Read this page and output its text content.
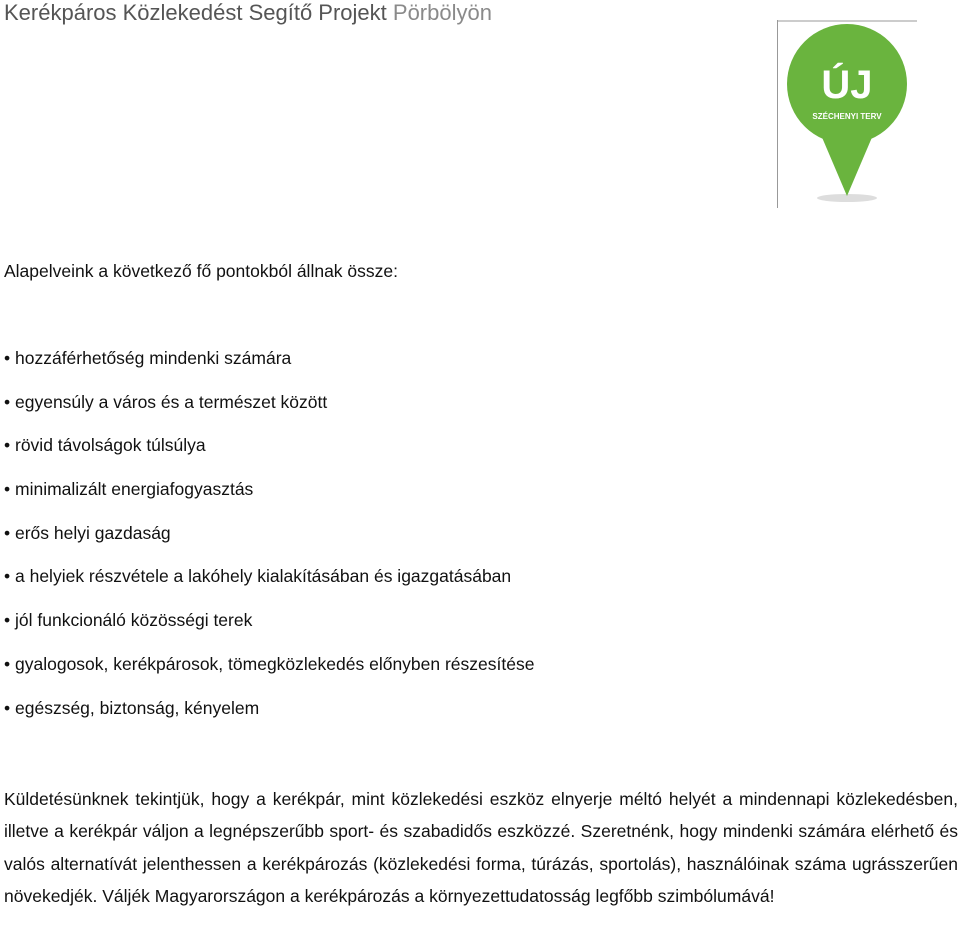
Kerékpáros Közlekedést Segítő Projekt Pörbölyön
ÚJ
SZÉCHENYI TERV
Alapelveink a következő fő pontokból állnak össze:
• hozzáférhetőség mindenki számára
• egyensúly a város és a természet között
• rövid távolságok túlsúlya
• minimalizált energiafogyasztás
• erős helyi gazdaság
• a helyiek részvétele a lakóhely kialakításában és igazgatásában
• jól funkcionáló közösségi terek
• gyalogosok, kerékpárosok, tömegközlekedés előnyben részesítése
• egészség, biztonság, kényelem

Küldetésünknek tekintjük, hogy a kerékpár, mint közlekedési eszköz elnyerje méltó helyét a mindennapi közlekedésben, illetve a kerékpár váljon a legnépszerűbb sport- és szabadidős eszközzé. Szeretnénk, hogy mindenki számára elérhető és valós alternatívát jelenthessen a kerékpározás (közlekedési forma, túrázás, sportolás), használóinak száma ugrásszerűen növekedjék. Váljék Magyarországon a kerékpározás a környezettudatosság legfőbb szimbólumává!
